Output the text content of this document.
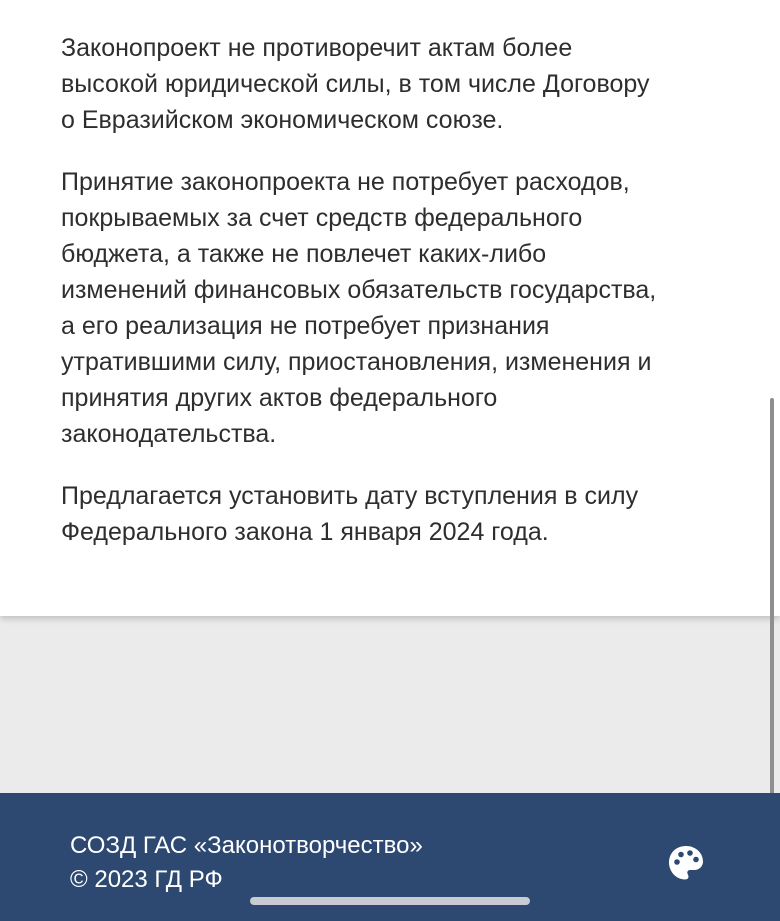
Законопроект не противоречит актам более
высокой юридической силы, в том числе Договору
о Евразийском экономическом союзе.

Принятие законопроекта не потребует расходов,
покрываемых за счет средств федерального
бюджета, а также не повлечет каких-либо
изменений финансовых обязательств государства,
а его реализация не потребует признания
утратившими силу, приостановления, изменения и
принятия других актов федерального
законодательства.

Предлагается установить дату вступления в силу
Федерального закона 1 января 2024 года.

СОЗД ГАС «Законотворчество»
© 2023 ГД РФ
